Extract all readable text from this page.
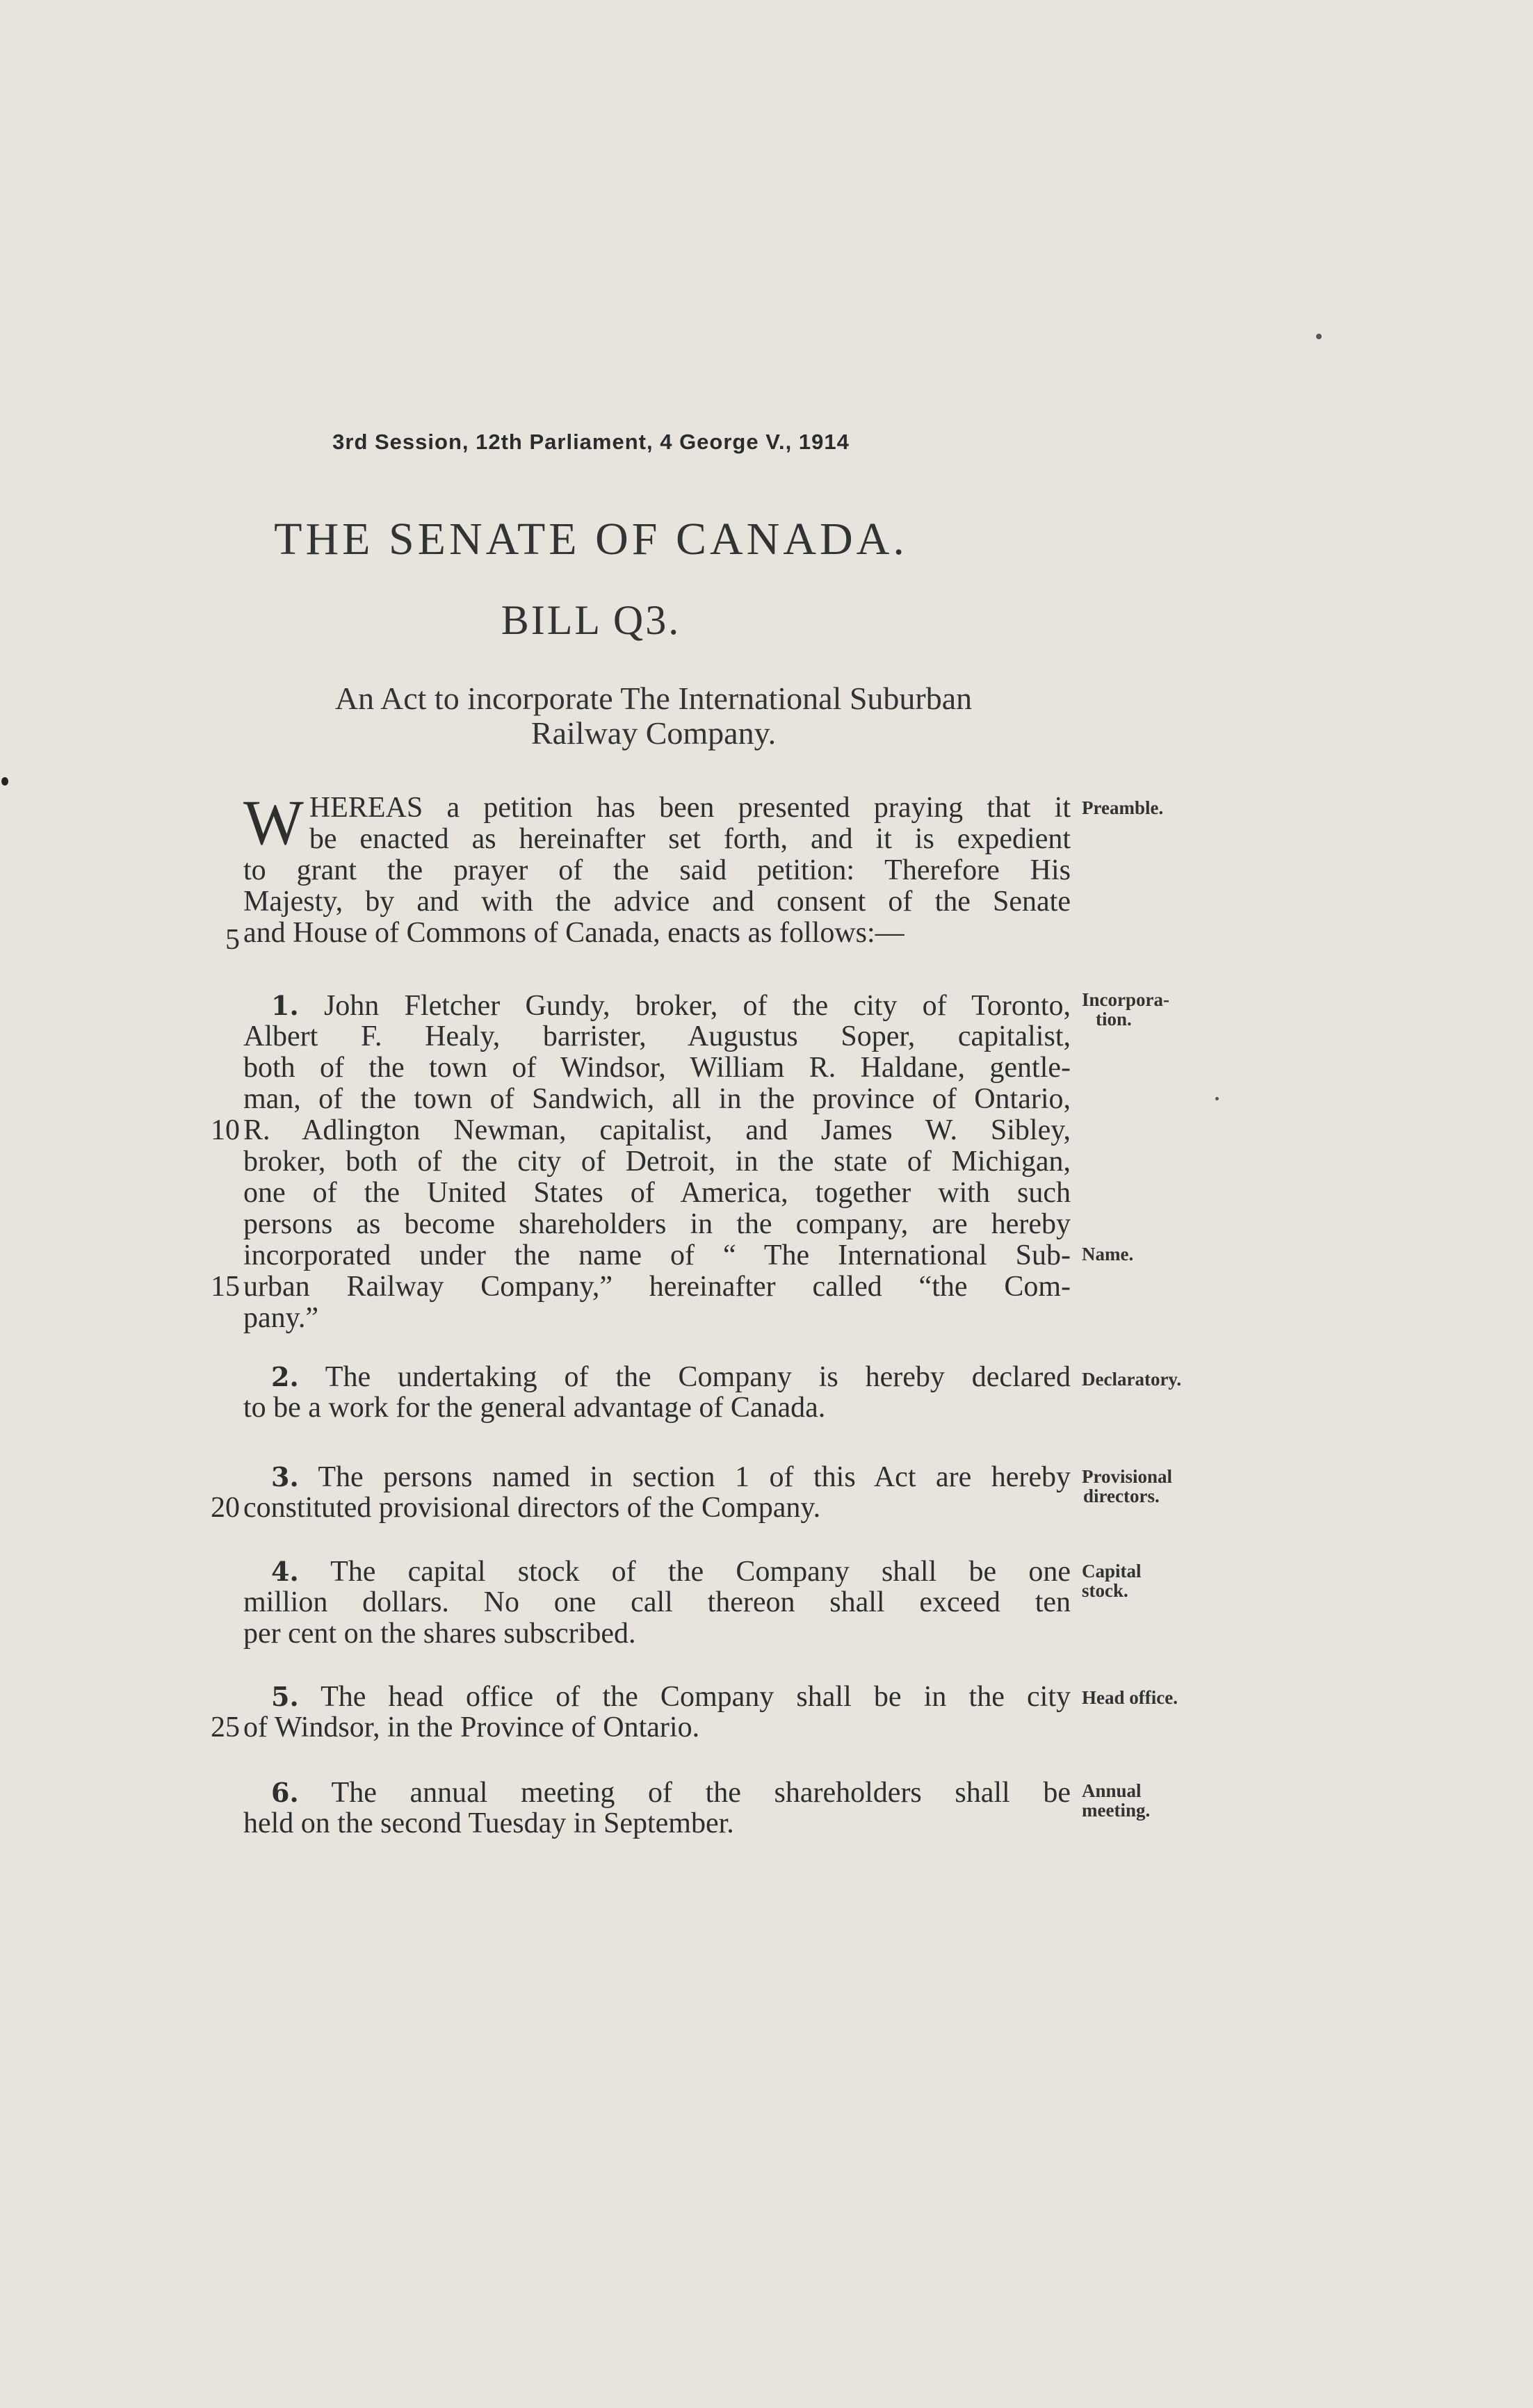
3rd Session, 12th Parliament, 4 George V., 1914
THE SENATE OF CANADA.
BILL Q3.
An Act to incorporate The International Suburban
Railway Company.
W HEREAS a petition has been presented praying that it
be enacted as hereinafter set forth, and it is expedient
to grant the prayer of the said petition: Therefore His
Majesty, by and with the advice and consent of the Senate
and House of Commons of Canada, enacts as follows:—
1. John Fletcher Gundy, broker, of the city of Toronto,
Albert F. Healy, barrister, Augustus Soper, capitalist,
both of the town of Windsor, William R. Haldane, gentle-
man, of the town of Sandwich, all in the province of Ontario,
R. Adlington Newman, capitalist, and James W. Sibley,
broker, both of the city of Detroit, in the state of Michigan,
one of the United States of America, together with such
persons as become shareholders in the company, are hereby
incorporated under the name of “ The International Sub-
urban Railway Company,” hereinafter called “the Com-
pany.”
2. The undertaking of the Company is hereby declared
to be a work for the general advantage of Canada.
3. The persons named in section 1 of this Act are hereby
constituted provisional directors of the Company.
4. The capital stock of the Company shall be one
million dollars. No one call thereon shall exceed ten
per cent on the shares subscribed.
5. The head office of the Company shall be in the city
of Windsor, in the Province of Ontario.
6. The annual meeting of the shareholders shall be
held on the second Tuesday in September.
5
10
15
20
25
Preamble.
Incorpora-
tion.
Name.
Declaratory.
Provisional
directors.
Capital
stock.
Head office.
Annual
meeting.
